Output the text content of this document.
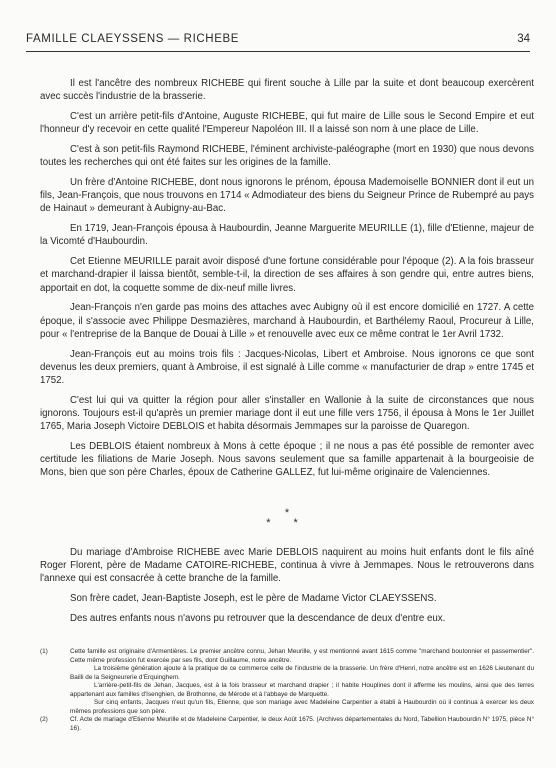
FAMILLE CLAEYSSENS — RICHEBE	34

Il est l'ancêtre des nombreux RICHEBE qui firent souche à Lille par la suite et dont beaucoup exercèrent avec succès l'industrie de la brasserie.

C'est un arrière petit-fils d'Antoine, Auguste RICHEBE, qui fut maire de Lille sous le Second Empire et eut l'honneur d'y recevoir en cette qualité l'Empereur Napoléon III. Il a laissé son nom à une place de Lille.

C'est à son petit-fils Raymond RICHEBE, l'éminent archiviste-paléographe (mort en 1930) que nous devons toutes les recherches qui ont été faites sur les origines de la famille.

Un frère d'Antoine RICHEBE, dont nous ignorons le prénom, épousa Mademoiselle BONNIER dont il eut un fils, Jean-François, que nous trouvons en 1714 « Admodiateur des biens du Seigneur Prince de Rubempré au pays de Hainaut » demeurant à Aubigny-au-Bac.

En 1719, Jean-François épousa à Haubourdin, Jeanne Marguerite MEURILLE (1), fille d'Etienne, majeur de la Vicomté d'Haubourdin.

Cet Etienne MEURILLE parait avoir disposé d'une fortune considérable pour l'époque (2). A la fois brasseur et marchand-drapier il laissa bientôt, semble-t-il, la direction de ses affaires à son gendre qui, entre autres biens, apportait en dot, la coquette somme de dix-neuf mille livres.

Jean-François n'en garde pas moins des attaches avec Aubigny où il est encore domicilié en 1727. A cette époque, il s'associe avec Philippe Desmazières, marchand à Haubourdin, et Barthélemy Raoul, Procureur à Lille, pour « l'entreprise de la Banque de Douai à Lille » et renouvelle avec eux ce même contrat le 1er Avril 1732.

Jean-François eut au moins trois fils : Jacques-Nicolas, Libert et Ambroise. Nous ignorons ce que sont devenus les deux premiers, quant à Ambroise, il est signalé à Lille comme « manufacturier de drap » entre 1745 et 1752.

C'est lui qui va quitter la région pour aller s'installer en Wallonie à la suite de circonstances que nous ignorons. Toujours est-il qu'après un premier mariage dont il eut une fille vers 1756, il épousa à Mons le 1er Juillet 1765, Maria Joseph Victoire DEBLOIS et habita désormais Jemmapes sur la paroisse de Quaregon.

Les DEBLOIS étaient nombreux à Mons à cette époque ; il ne nous a pas été possible de remonter avec certitude les filiations de Marie Joseph. Nous savons seulement que sa famille appartenait à la bourgeoisie de Mons, bien que son père Charles, époux de Catherine GALLEZ, fut lui-même originaire de Valenciennes.

*
* *

Du mariage d'Ambroise RICHEBE avec Marie DEBLOIS naquirent au moins huit enfants dont le fils aîné Roger Florent, père de Madame CATOIRE-RICHEBE, continua à vivre à Jemmapes. Nous le retrouverons dans l'annexe qui est consacrée à cette branche de la famille.

Son frère cadet, Jean-Baptiste Joseph, est le père de Madame Victor CLAEYSSENS.

Des autres enfants nous n'avons pu retrouver que la descendance de deux d'entre eux.

(1)	Cette famille est originaire d'Armentières. Le premier ancêtre connu, Jehan Meurille, y est mentionné avant 1615 comme "marchand boutonnier et passementier". Cette même profession fut exercée par ses fils, dont Guillaume, notre ancêtre.
La troisième génération ajoute à la pratique de ce commerce celle de l'industrie de la brasserie. Un frère d'Henri, notre ancêtre est en 1626 Lieutenant du Bailli de la Seigneurerie d'Erquinghem.
L'arrière-petit-fils de Jehan, Jacques, est à la fois brasseur et marchand drapier ; il habite Houplines dont il afferme les moulins, ainsi que des terres appartenant aux familles d'Isenghien, de Brothonne, de Mérode et à l'abbaye de Marquette.
Sur cinq enfants, Jacques n'eut qu'un fils, Etienne, que son mariage avec Madeleine Carpentier a établi à Haubourdin où il continua à exercer les deux mêmes professions que son père.
(2)	Cf. Acte de mariage d'Etienne Meurille et de Madeleine Carpentier, le deux Août 1675. (Archives départementales du Nord, Tabellion Haubourdin N° 1975, pièce N° 16).
